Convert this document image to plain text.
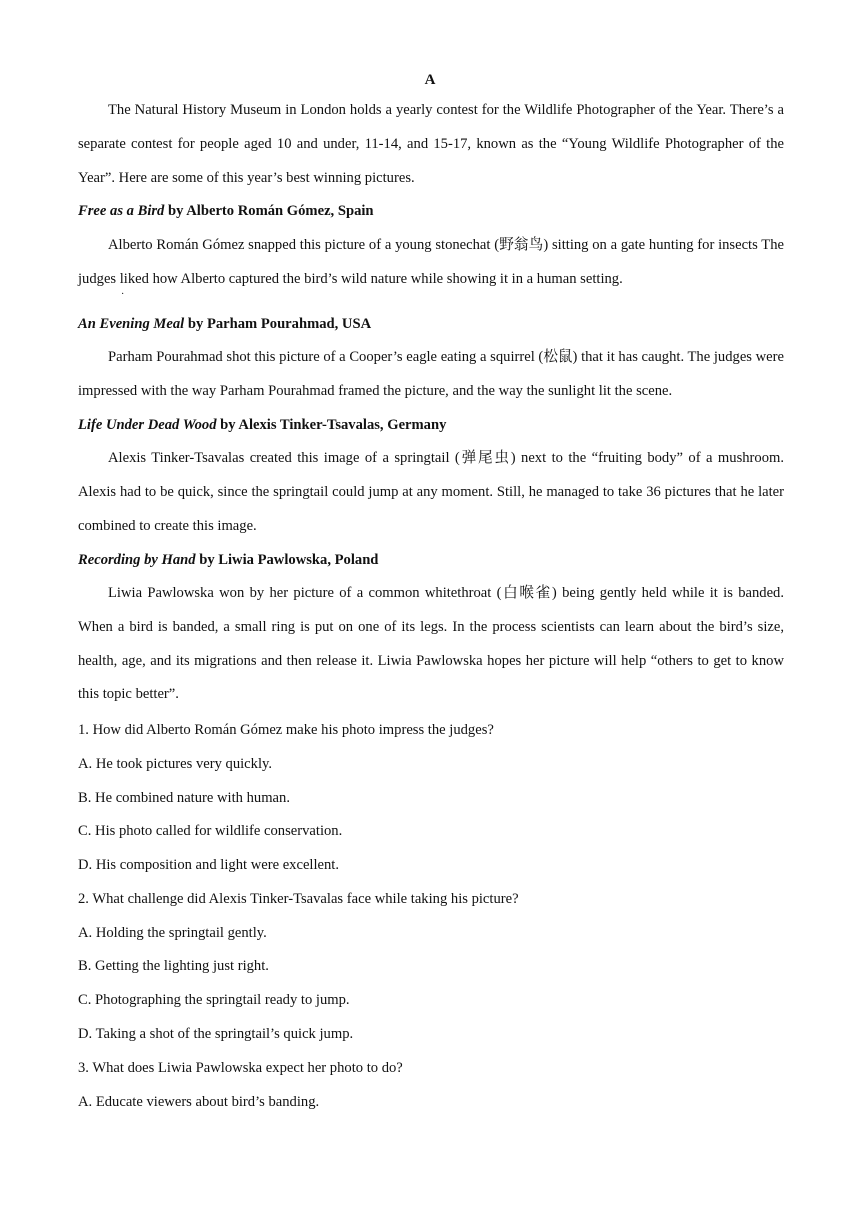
A

The Natural History Museum in London holds a yearly contest for the Wildlife Photographer of the Year. There’s a separate contest for people aged 10 and under, 11-14, and 15-17, known as the “Young Wildlife Photographer of the Year”. Here are some of this year’s best winning pictures.

Free as a Bird by Alberto Román Gómez, Spain

Alberto Román Gómez snapped this picture of a young stonechat (野翁鸟) sitting on a gate hunting for insects The judges liked how Alberto captured the bird’s wild nature while showing it in a human setting.

·

An Evening Meal by Parham Pourahmad, USA

Parham Pourahmad shot this picture of a Cooper’s eagle eating a squirrel (松鼠) that it has caught. The judges were impressed with the way Parham Pourahmad framed the picture, and the way the sunlight lit the scene.

Life Under Dead Wood by Alexis Tinker-Tsavalas, Germany

Alexis Tinker-Tsavalas created this image of a springtail (弹尾虫) next to the “fruiting body” of a mushroom. Alexis had to be quick, since the springtail could jump at any moment. Still, he managed to take 36 pictures that he later combined to create this image.

Recording by Hand by Liwia Pawlowska, Poland

Liwia Pawlowska won by her picture of a common whitethroat (白喉雀) being gently held while it is banded. When a bird is banded, a small ring is put on one of its legs. In the process scientists can learn about the bird’s size, health, age, and its migrations and then release it. Liwia Pawlowska hopes her picture will help “others to get to know this topic better”.

1. How did Alberto Román Gómez make his photo impress the judges?

A. He took pictures very quickly.

B. He combined nature with human.

C. His photo called for wildlife conservation.

D. His composition and light were excellent.

2. What challenge did Alexis Tinker-Tsavalas face while taking his picture?

A. Holding the springtail gently.

B. Getting the lighting just right.

C. Photographing the springtail ready to jump.

D. Taking a shot of the springtail’s quick jump.

3. What does Liwia Pawlowska expect her photo to do?

A. Educate viewers about bird’s banding.
